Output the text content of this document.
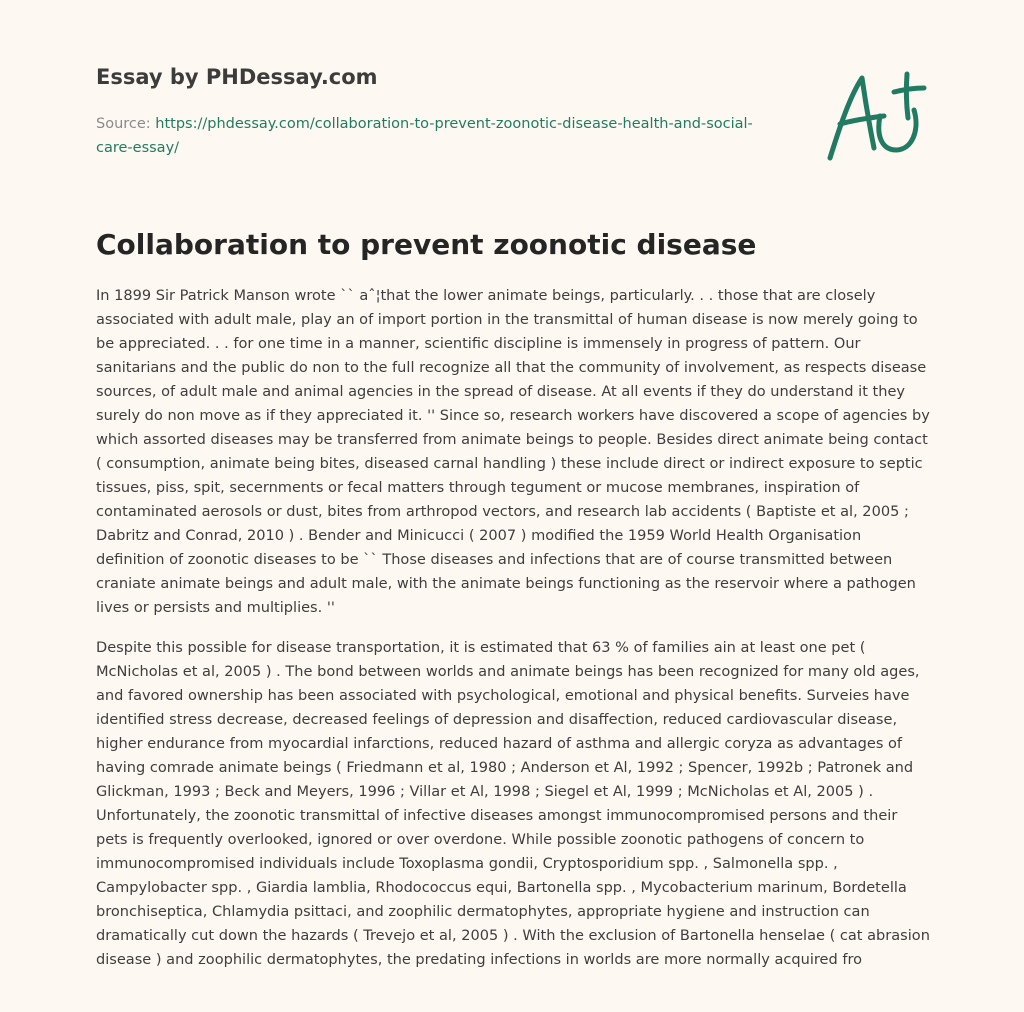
Essay by PHDessay.com
Source: https://phdessay.com/collaboration-to-prevent-zoonotic-disease-health-and-social-care-essay/
Collaboration to prevent zoonotic disease

In 1899 Sir Patrick Manson wrote `` aˆ¦that the lower animate beings, particularly. . . those that are closely associated with adult male, play an of import portion in the transmittal of human disease is now merely going to be appreciated. . . for one time in a manner, scientific discipline is immensely in progress of pattern. Our sanitarians and the public do non to the full recognize all that the community of involvement, as respects disease sources, of adult male and animal agencies in the spread of disease. At all events if they do understand it they surely do non move as if they appreciated it. '' Since so, research workers have discovered a scope of agencies by which assorted diseases may be transferred from animate beings to people. Besides direct animate being contact ( consumption, animate being bites, diseased carnal handling ) these include direct or indirect exposure to septic tissues, piss, spit, secernments or fecal matters through tegument or mucose membranes, inspiration of contaminated aerosols or dust, bites from arthropod vectors, and research lab accidents ( Baptiste et al, 2005 ; Dabritz and Conrad, 2010 ) . Bender and Minicucci ( 2007 ) modified the 1959 World Health Organisation definition of zoonotic diseases to be `` Those diseases and infections that are of course transmitted between craniate animate beings and adult male, with the animate beings functioning as the reservoir where a pathogen lives or persists and multiplies. ''

Despite this possible for disease transportation, it is estimated that 63 % of families ain at least one pet ( McNicholas et al, 2005 ) . The bond between worlds and animate beings has been recognized for many old ages, and favored ownership has been associated with psychological, emotional and physical benefits. Surveies have identified stress decrease, decreased feelings of depression and disaffection, reduced cardiovascular disease, higher endurance from myocardial infarctions, reduced hazard of asthma and allergic coryza as advantages of having comrade animate beings ( Friedmann et al, 1980 ; Anderson et Al, 1992 ; Spencer, 1992b ; Patronek and Glickman, 1993 ; Beck and Meyers, 1996 ; Villar et Al, 1998 ; Siegel et Al, 1999 ; McNicholas et Al, 2005 ) . Unfortunately, the zoonotic transmittal of infective diseases amongst immunocompromised persons and their pets is frequently overlooked, ignored or over overdone. While possible zoonotic pathogens of concern to immunocompromised individuals include Toxoplasma gondii, Cryptosporidium spp. , Salmonella spp. , Campylobacter spp. , Giardia lamblia, Rhodococcus equi, Bartonella spp. , Mycobacterium marinum, Bordetella bronchiseptica, Chlamydia psittaci, and zoophilic dermatophytes, appropriate hygiene and instruction can dramatically cut down the hazards ( Trevejo et al, 2005 ) . With the exclusion of Bartonella henselae ( cat abrasion disease ) and zoophilic dermatophytes, the predating infections in worlds are more normally acquired fro
